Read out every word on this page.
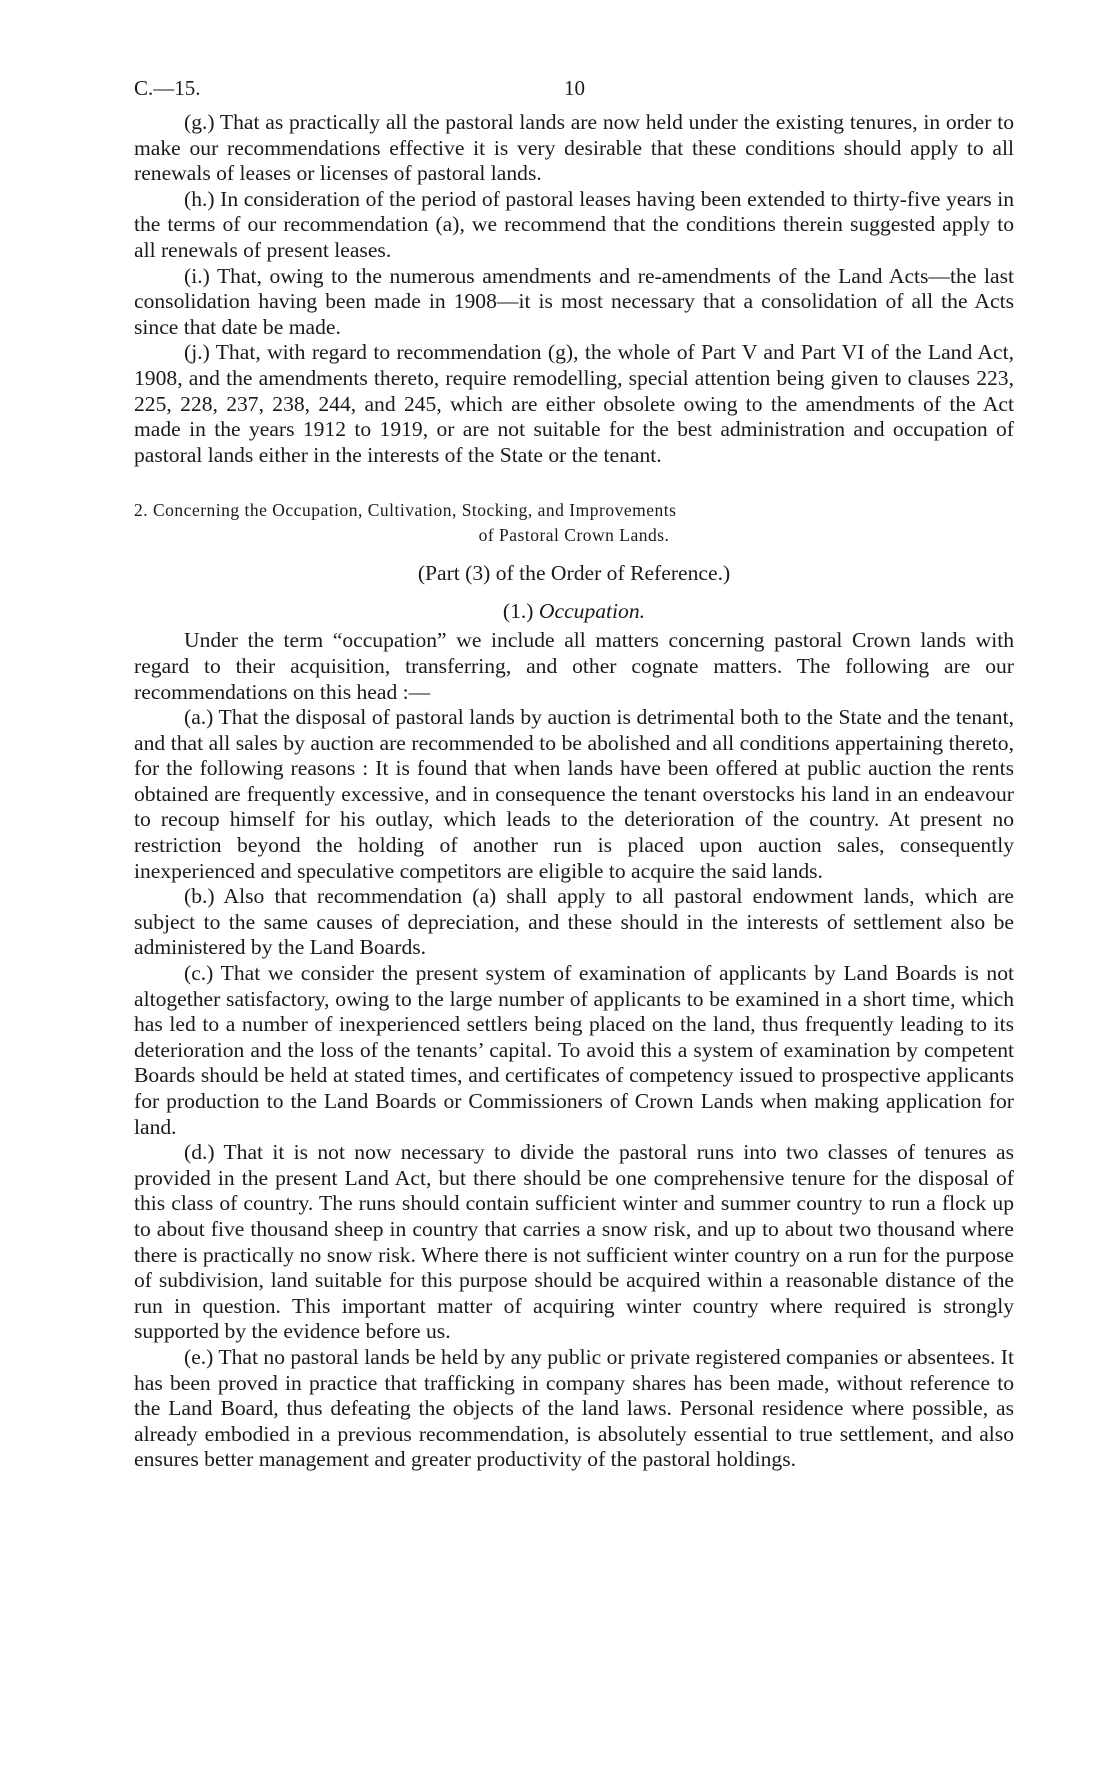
C.—15.	10

(g.) That as practically all the pastoral lands are now held under the existing tenures, in order to make our recommendations effective it is very desirable that these conditions should apply to all renewals of leases or licenses of pastoral lands.

(h.) In consideration of the period of pastoral leases having been extended to thirty-five years in the terms of our recommendation (a), we recommend that the conditions therein suggested apply to all renewals of present leases.

(i.) That, owing to the numerous amendments and re-amendments of the Land Acts—the last consolidation having been made in 1908—it is most necessary that a consolidation of all the Acts since that date be made.

(j.) That, with regard to recommendation (g), the whole of Part V and Part VI of the Land Act, 1908, and the amendments thereto, require remodelling, special attention being given to clauses 223, 225, 228, 237, 238, 244, and 245, which are either obsolete owing to the amendments of the Act made in the years 1912 to 1919, or are not suitable for the best administration and occupation of pastoral lands either in the interests of the State or the tenant.

2. Concerning the Occupation, Cultivation, Stocking, and Improvements
of Pastoral Crown Lands.
(Part (3) of the Order of Reference.)
(1.) Occupation.

Under the term “occupation” we include all matters concerning pastoral Crown lands with regard to their acquisition, transferring, and other cognate matters. The following are our recommendations on this head :—

(a.) That the disposal of pastoral lands by auction is detrimental both to the State and the tenant, and that all sales by auction are recommended to be abolished and all conditions appertaining thereto, for the following reasons : It is found that when lands have been offered at public auction the rents obtained are frequently excessive, and in consequence the tenant overstocks his land in an endeavour to recoup himself for his outlay, which leads to the deterioration of the country. At present no restriction beyond the holding of another run is placed upon auction sales, consequently inexperienced and speculative competitors are eligible to acquire the said lands.

(b.) Also that recommendation (a) shall apply to all pastoral endowment lands, which are subject to the same causes of depreciation, and these should in the interests of settlement also be administered by the Land Boards.

(c.) That we consider the present system of examination of applicants by Land Boards is not altogether satisfactory, owing to the large number of applicants to be examined in a short time, which has led to a number of inexperienced settlers being placed on the land, thus frequently leading to its deterioration and the loss of the tenants’ capital. To avoid this a system of examination by competent Boards should be held at stated times, and certificates of competency issued to prospective applicants for production to the Land Boards or Commissioners of Crown Lands when making application for land.

(d.) That it is not now necessary to divide the pastoral runs into two classes of tenures as provided in the present Land Act, but there should be one comprehensive tenure for the disposal of this class of country. The runs should contain sufficient winter and summer country to run a flock up to about five thousand sheep in country that carries a snow risk, and up to about two thousand where there is practically no snow risk. Where there is not sufficient winter country on a run for the purpose of subdivision, land suitable for this purpose should be acquired within a reasonable distance of the run in question. This important matter of acquiring winter country where required is strongly supported by the evidence before us.

(e.) That no pastoral lands be held by any public or private registered companies or absentees. It has been proved in practice that trafficking in company shares has been made, without reference to the Land Board, thus defeating the objects of the land laws. Personal residence where possible, as already embodied in a previous recommendation, is absolutely essential to true settlement, and also ensures better management and greater productivity of the pastoral holdings.
